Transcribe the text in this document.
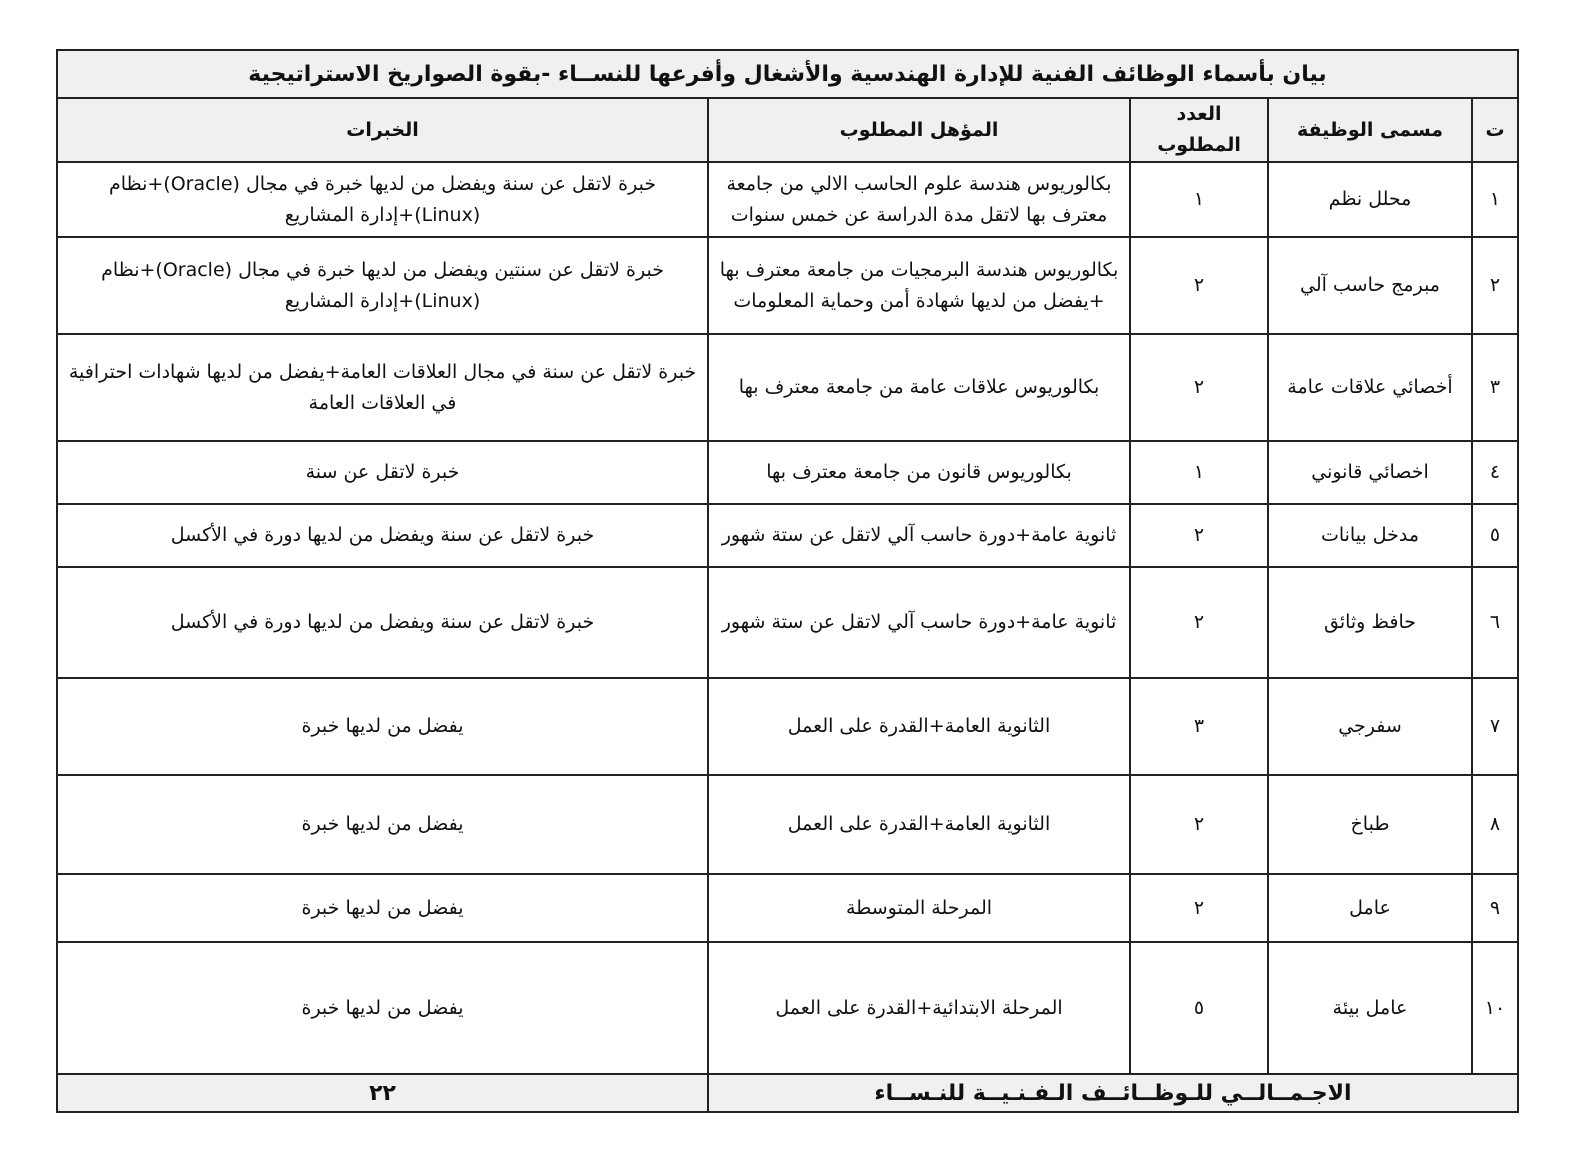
بيان بأسماء الوظائف الفنية للإدارة الهندسية والأشغال وأفرعها للنســاء -بقوة الصواريخ الاستراتيجية				
ت	مسمى الوظيفة	العدد المطلوب	المؤهل المطلوب	الخبرات
١	محلل نظم	١	بكالوريوس هندسة علوم الحاسب الالي من جامعة معترف بها لاتقل مدة الدراسة عن خمس سنوات	خبرة لاتقل عن سنة ويفضل من لديها خبرة في مجال (Oracle)+نظام (Linux)+إدارة المشاريع
٢	مبرمج حاسب آلي	٢	بكالوريوس هندسة البرمجيات من جامعة معترف بها +يفضل من لديها شهادة أمن وحماية المعلومات	خبرة لاتقل عن سنتين ويفضل من لديها خبرة في مجال (Oracle)+نظام (Linux)+إدارة المشاريع
٣	أخصائي علاقات عامة	٢	بكالوريوس علاقات عامة من جامعة معترف بها	خبرة لاتقل عن سنة في مجال العلاقات العامة+يفضل من لديها شهادات احترافية في العلاقات العامة
٤	اخصائي قانوني	١	بكالوريوس قانون من جامعة معترف بها	خبرة لاتقل عن سنة
٥	مدخل بيانات	٢	ثانوية عامة+دورة حاسب آلي لاتقل عن ستة شهور	خبرة لاتقل عن سنة ويفضل من لديها دورة في الأكسل
٦	حافظ وثائق	٢	ثانوية عامة+دورة حاسب آلي لاتقل عن ستة شهور	خبرة لاتقل عن سنة ويفضل من لديها دورة في الأكسل
٧	سفرجي	٣	الثانوية العامة+القدرة على العمل	يفضل من لديها خبرة
٨	طباخ	٢	الثانوية العامة+القدرة على العمل	يفضل من لديها خبرة
٩	عامل	٢	المرحلة المتوسطة	يفضل من لديها خبرة
١٠	عامل بيئة	٥	المرحلة الابتدائية+القدرة على العمل	يفضل من لديها خبرة
الاجـمــالــي للـوظــائــف الـفـنـيــة للنـســاء				٢٢
